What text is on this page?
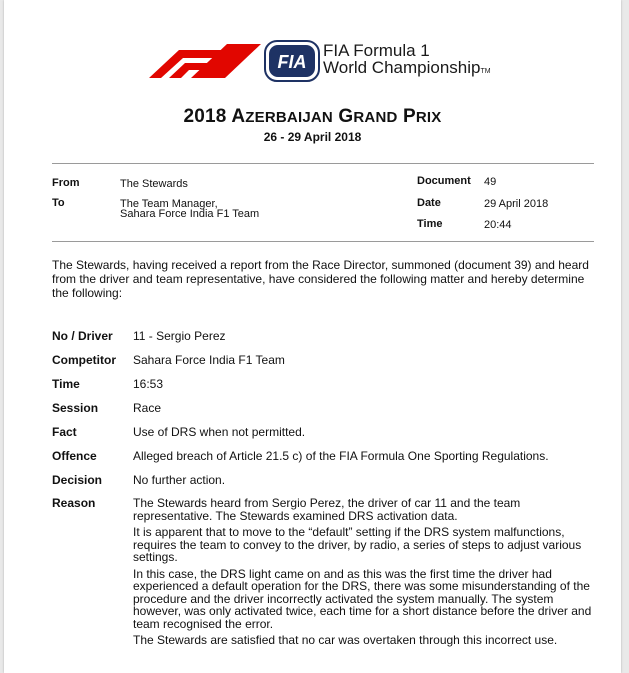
FIA
FIA Formula 1
World ChampionshipTM
2018 AZERBAIJAN GRAND PRIX
26 - 29 April 2018
From	The Stewards
To	The Team Manager,
Sahara Force India F1 Team
Document 49
Date	29 April 2018
Time	20:44
The Stewards, having received a report from the Race Director, summoned (document 39) and heard from the driver and team representative, have considered the following matter and hereby determine the following:
No / Driver 11 - Sergio Perez
Competitor Sahara Force India F1 Team
Time	16:53
Session	Race
Fact	Use of DRS when not permitted.
Offence	Alleged breach of Article 21.5 c) of the FIA Formula One Sporting Regulations.
Decision	No further action.
Reason	The Stewards heard from Sergio Perez, the driver of car 11 and the team representative. The Stewards examined DRS activation data.

It is apparent that to move to the “default” setting if the DRS system malfunctions, requires the team to convey to the driver, by radio, a series of steps to adjust various settings.

In this case, the DRS light came on and as this was the first time the driver had experienced a default operation for the DRS, there was some misunderstanding of the procedure and the driver incorrectly activated the system manually. The system however, was only activated twice, each time for a short distance before the driver and team recognised the error.

The Stewards are satisfied that no car was overtaken through this incorrect use.
